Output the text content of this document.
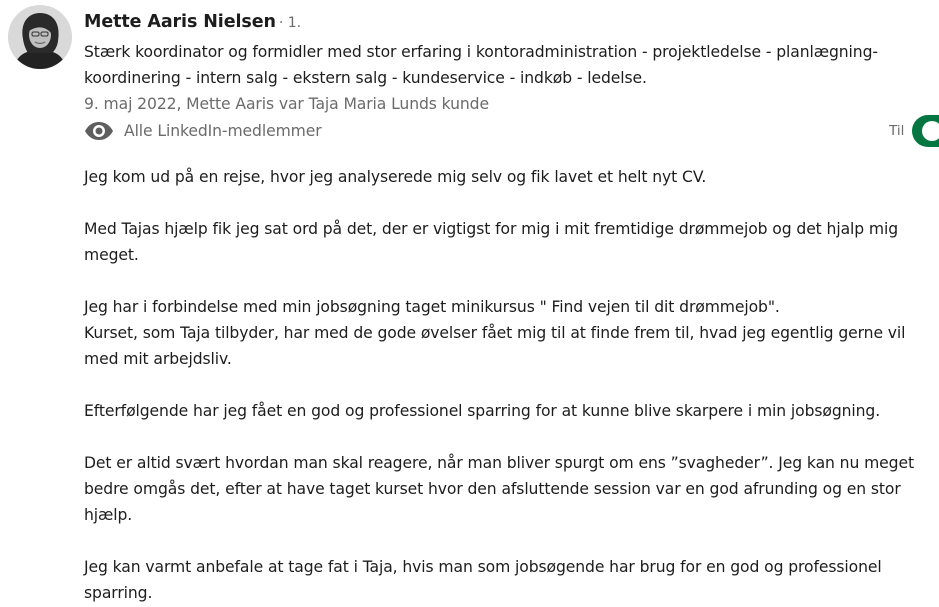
Mette Aaris Nielsen · 1.
Stærk koordinator og formidler med stor erfaring i kontoradministration - projektledelse - planlægning- koordinering - intern salg - ekstern salg - kundeservice - indkøb - ledelse.
9. maj 2022, Mette Aaris var Taja Maria Lunds kunde
Alle LinkedIn-medlemmer	Til

Jeg kom ud på en rejse, hvor jeg analyserede mig selv og fik lavet et helt nyt CV.

Med Tajas hjælp fik jeg sat ord på det, der er vigtigst for mig i mit fremtidige drømmejob og det hjalp mig meget.

Jeg har i forbindelse med min jobsøgning taget minikursus " Find vejen til dit drømmejob".

Kurset, som Taja tilbyder, har med de gode øvelser fået mig til at finde frem til, hvad jeg egentlig gerne vil med mit arbejdsliv.

Efterfølgende har jeg fået en god og professionel sparring for at kunne blive skarpere i min jobsøgning.

Det er altid svært hvordan man skal reagere, når man bliver spurgt om ens ”svagheder”. Jeg kan nu meget bedre omgås det, efter at have taget kurset hvor den afsluttende session var en god afrunding og en stor hjælp.

Jeg kan varmt anbefale at tage fat i Taja, hvis man som jobsøgende har brug for en god og professionel sparring.
